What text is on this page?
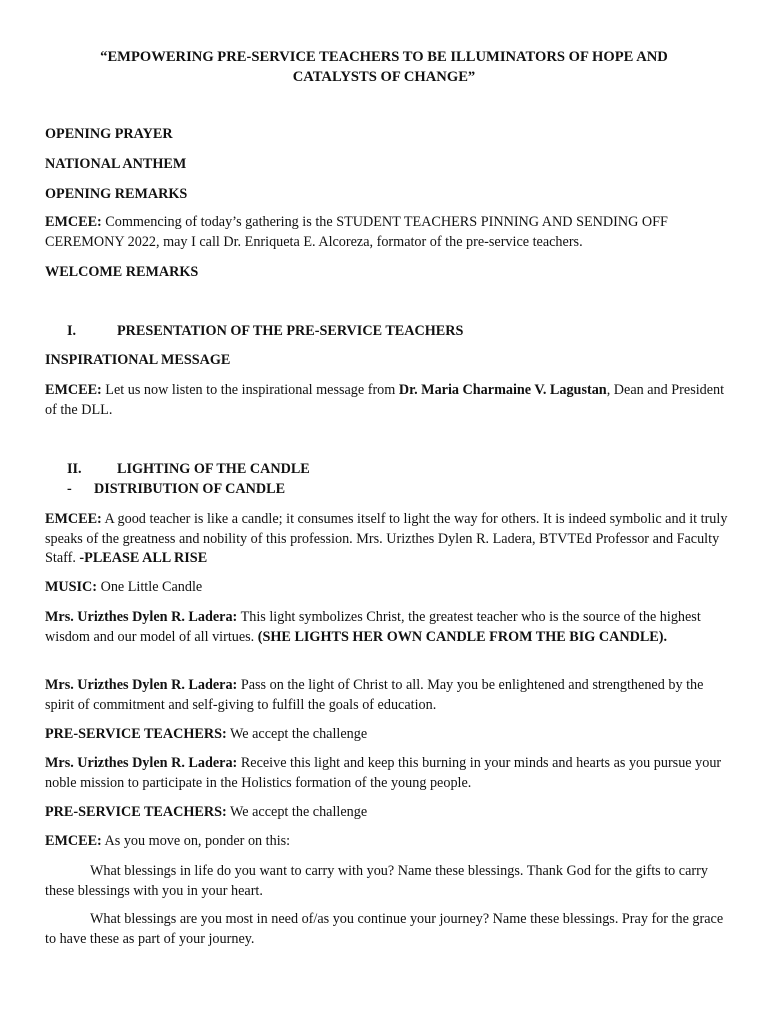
“EMPOWERING PRE-SERVICE TEACHERS TO BE ILLUMINATORS OF HOPE AND
CATALYSTS OF CHANGE”
OPENING PRAYER
NATIONAL ANTHEM
OPENING REMARKS
EMCEE: Commencing of today’s gathering is the STUDENT TEACHERS PINNING AND SENDING OFF CEREMONY 2022, may I call Dr. Enriqueta E. Alcoreza, formator of the pre-service teachers.
WELCOME REMARKS
I.	PRESENTATION OF THE PRE-SERVICE TEACHERS
INSPIRATIONAL MESSAGE
EMCEE: Let us now listen to the inspirational message from Dr. Maria Charmaine V. Lagustan, Dean and President of the DLL.
II. LIGHTING OF THE CANDLE
- DISTRIBUTION OF CANDLE
EMCEE: A good teacher is like a candle; it consumes itself to light the way for others. It is indeed symbolic and it truly speaks of the greatness and nobility of this profession. Mrs. Urizthes Dylen R. Ladera, BTVTEd Professor and Faculty Staff. -PLEASE ALL RISE
MUSIC: One Little Candle
Mrs. Urizthes Dylen R. Ladera: This light symbolizes Christ, the greatest teacher who is the source of the highest wisdom and our model of all virtues. (SHE LIGHTS HER OWN CANDLE FROM THE BIG CANDLE).
Mrs. Urizthes Dylen R. Ladera: Pass on the light of Christ to all. May you be enlightened and strengthened by the spirit of commitment and self-giving to fulfill the goals of education.
PRE-SERVICE TEACHERS: We accept the challenge
Mrs. Urizthes Dylen R. Ladera: Receive this light and keep this burning in your minds and hearts as you pursue your noble mission to participate in the Holistics formation of the young people.
PRE-SERVICE TEACHERS: We accept the challenge
EMCEE: As you move on, ponder on this:
What blessings in life do you want to carry with you? Name these blessings. Thank God for the gifts to carry these blessings with you in your heart.
What blessings are you most in need of/as you continue your journey? Name these blessings. Pray for the grace to have these as part of your journey.
